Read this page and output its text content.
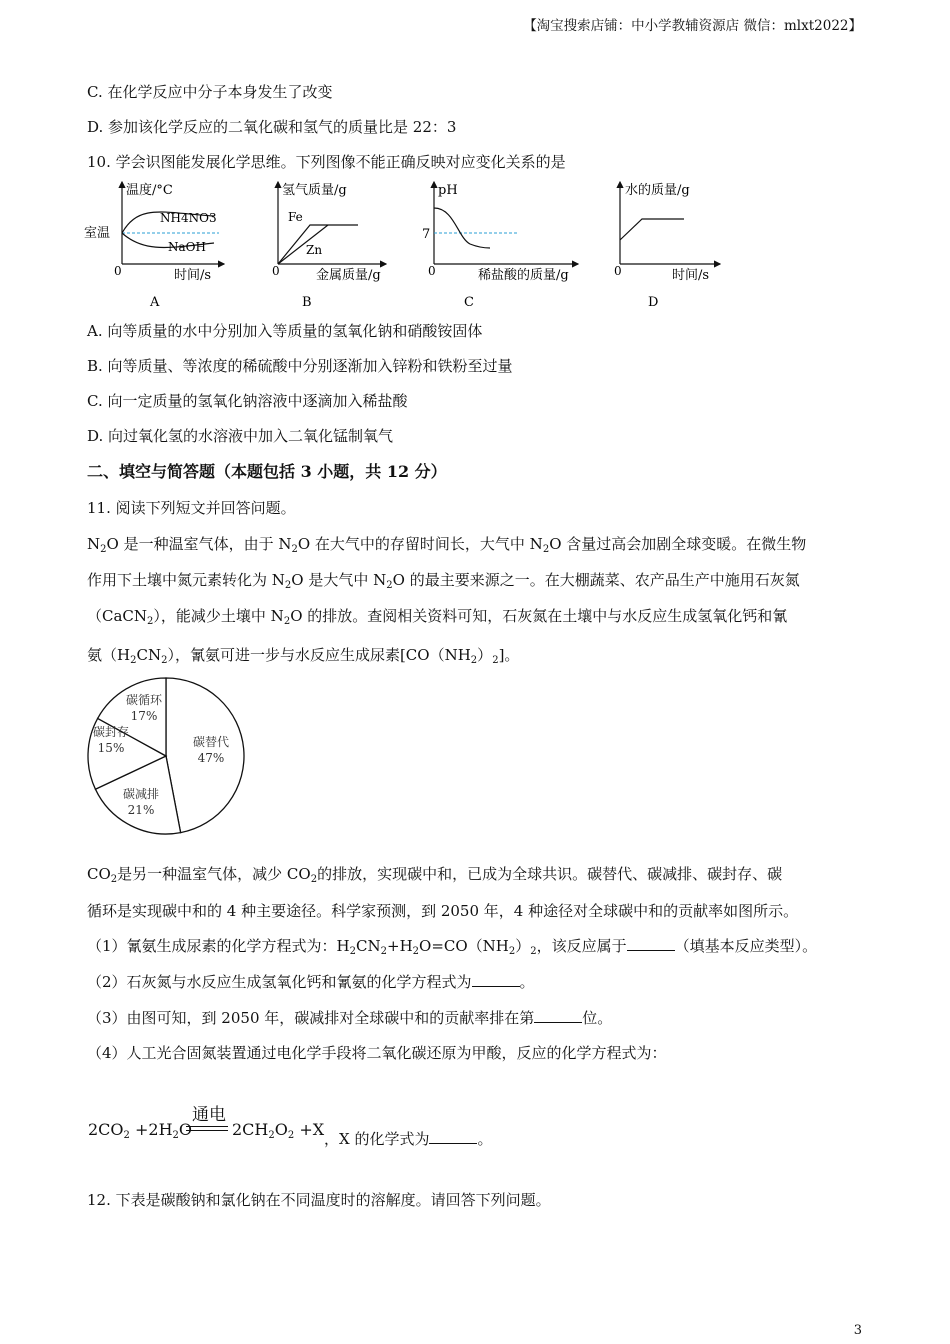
【淘宝搜索店铺：中小学教辅资源店 微信：mlxt2022】
C. 在化学反应中分子本身发生了改变
D. 参加该化学反应的二氧化碳和氢气的质量比是 22：3
10. 学会识图能发展化学思维。下列图像不能正确反映对应变化关系的是
温度/°C
室温
NH4NO3
NaOH
0	时间/s
A
氢气质量/g
Fe
Zn
0	金属质量/g
B
pH
7
0	稀盐酸的质量/g
C
水的质量/g
0	时间/s
D
A. 向等质量的水中分别加入等质量的氢氧化钠和硝酸铵固体
B. 向等质量、等浓度的稀硫酸中分别逐渐加入锌粉和铁粉至过量
C. 向一定质量的氢氧化钠溶液中逐滴加入稀盐酸
D. 向过氧化氢的水溶液中加入二氧化锰制氧气
二、填空与简答题（本题包括 3 小题，共 12 分）
11. 阅读下列短文并回答问题。
$N_2O$ 是一种温室气体，由于 $N_2O$ 在大气中的存留时间长，大气中 $N_2O$ 含量过高会加剧全球变暖。在微生物
作用下土壤中氮元素转化为 $N_2O$ 是大气中 $N_2O$ 的最主要来源之一。在大棚蔬菜、农产品生产中施用石灰氮
（CaCN$_2$），能减少土壤中 $N_2O$ 的排放。查阅相关资料可知，石灰氮在土壤中与水反应生成氢氧化钙和氰
氨$(H_2CN_2)$，氰氨可进一步与水反应生成尿素$[CO(NH_2)_2]$。
碳替代
47%
碳减排
21%
碳封存
15%
碳循环
17%
$CO_2$是另一种温室气体，减少 $CO_2$的排放，实现碳中和，已成为全球共识。碳替代、碳减排、碳封存、碳
循环是实现碳中和的 4 种主要途径。科学家预测，到 2050 年，4 种途径对全球碳中和的贡献率如图所示。
（1）氰氨生成尿素的化学方程式为：$H_2CN_2+H_2O=CO(NH_2)_2$，该反应属于	（填基本反应类型）。
（2）石灰氮与水反应生成氢氧化钙和氰氨的化学方程式为	。
（3）由图可知，到 2050 年，碳减排对全球碳中和的贡献率排在第	位。
（4）人工光合固氮装置通过电化学手段将二氧化碳还原为甲酸，反应的化学方程式为：
通电
$2CO_2 +2H_2O$ $2CH_2O_2 +X$ ，X 的化学式为	。
12. 下表是碳酸钠和氯化钠在不同温度时的溶解度。请回答下列问题。
3
